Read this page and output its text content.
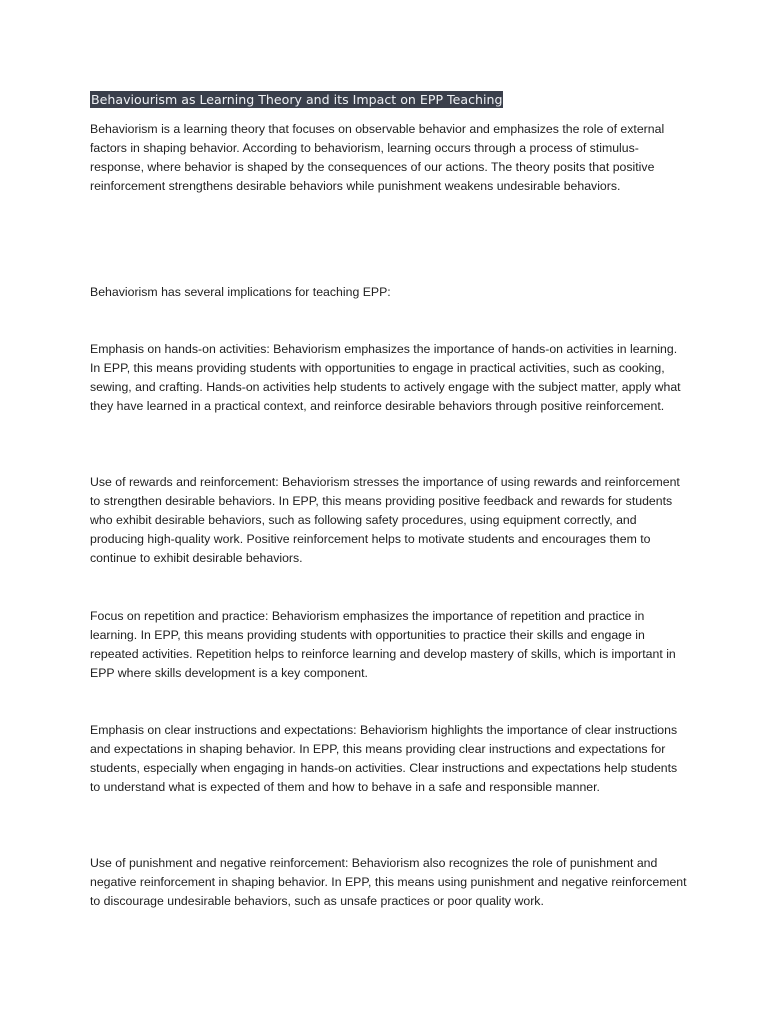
Behaviourism as Learning Theory and its Impact on EPP Teaching

Behaviorism is a learning theory that focuses on observable behavior and emphasizes the role of external factors in shaping behavior. According to behaviorism, learning occurs through a process of stimulus-response, where behavior is shaped by the consequences of our actions. The theory posits that positive reinforcement strengthens desirable behaviors while punishment weakens undesirable behaviors.

Behaviorism has several implications for teaching EPP:

Emphasis on hands-on activities: Behaviorism emphasizes the importance of hands-on activities in learning. In EPP, this means providing students with opportunities to engage in practical activities, such as cooking, sewing, and crafting. Hands-on activities help students to actively engage with the subject matter, apply what they have learned in a practical context, and reinforce desirable behaviors through positive reinforcement.

Use of rewards and reinforcement: Behaviorism stresses the importance of using rewards and reinforcement to strengthen desirable behaviors. In EPP, this means providing positive feedback and rewards for students who exhibit desirable behaviors, such as following safety procedures, using equipment correctly, and producing high-quality work. Positive reinforcement helps to motivate students and encourages them to continue to exhibit desirable behaviors.

Focus on repetition and practice: Behaviorism emphasizes the importance of repetition and practice in learning. In EPP, this means providing students with opportunities to practice their skills and engage in repeated activities. Repetition helps to reinforce learning and develop mastery of skills, which is important in EPP where skills development is a key component.

Emphasis on clear instructions and expectations: Behaviorism highlights the importance of clear instructions and expectations in shaping behavior. In EPP, this means providing clear instructions and expectations for students, especially when engaging in hands-on activities. Clear instructions and expectations help students to understand what is expected of them and how to behave in a safe and responsible manner.

Use of punishment and negative reinforcement: Behaviorism also recognizes the role of punishment and negative reinforcement in shaping behavior. In EPP, this means using punishment and negative reinforcement to discourage undesirable behaviors, such as unsafe practices or poor quality work.
